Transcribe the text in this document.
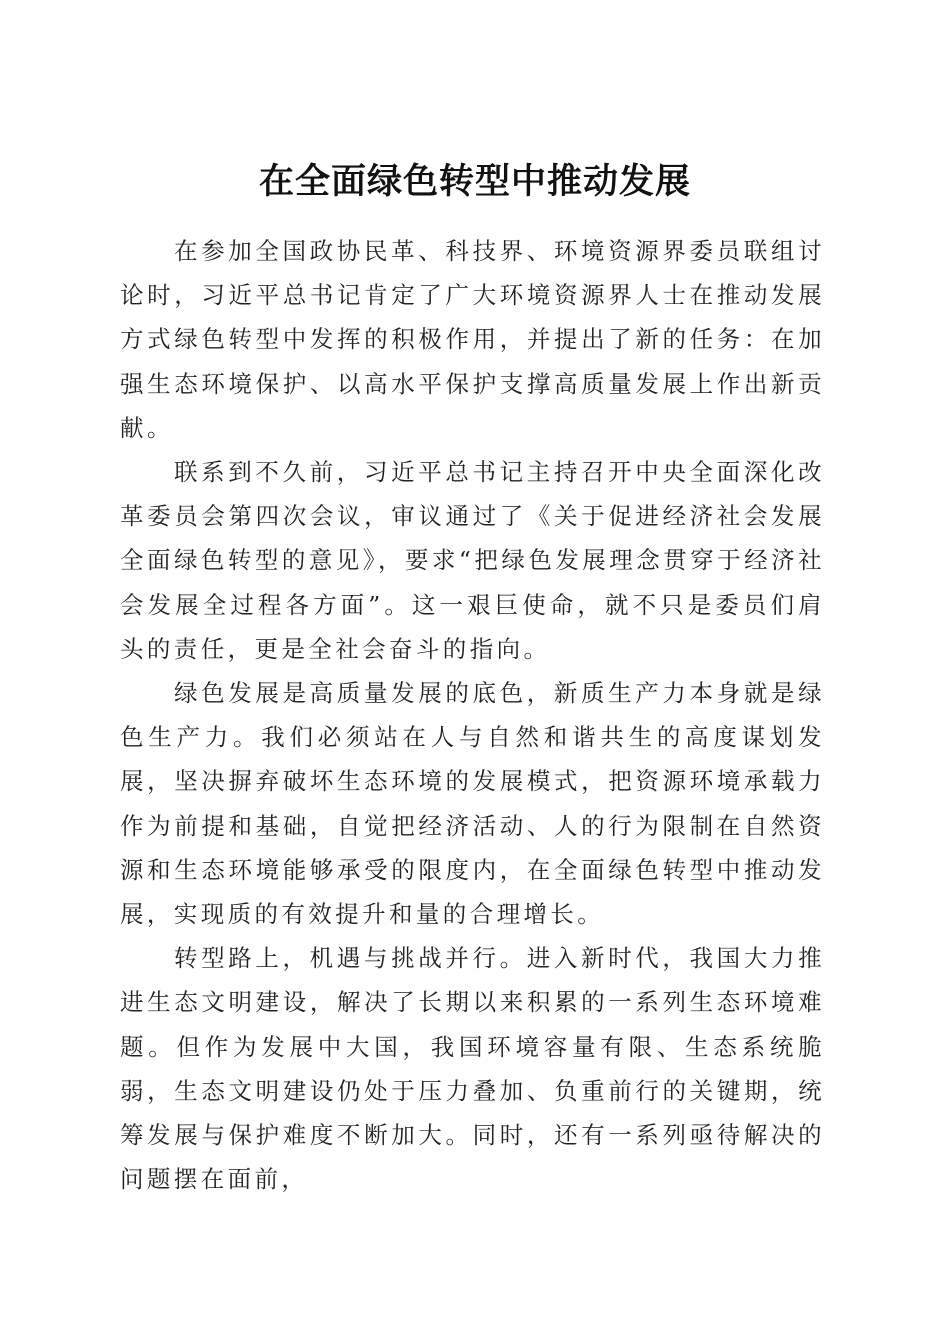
在全面绿色转型中推动发展

在参加全国政协民革、科技界、环境资源界委员联组讨论时，习近平总书记肯定了广大环境资源界人士在推动发展方式绿色转型中发挥的积极作用，并提出了新的任务：在加强生态环境保护、以高水平保护支撑高质量发展上作出新贡献。

联系到不久前，习近平总书记主持召开中央全面深化改革委员会第四次会议，审议通过了《关于促进经济社会发展全面绿色转型的意见》，要求“把绿色发展理念贯穿于经济社会发展全过程各方面”。这一艰巨使命，就不只是委员们肩头的责任，更是全社会奋斗的指向。

绿色发展是高质量发展的底色，新质生产力本身就是绿色生产力。我们必须站在人与自然和谐共生的高度谋划发展，坚决摒弃破坏生态环境的发展模式，把资源环境承载力作为前提和基础，自觉把经济活动、人的行为限制在自然资源和生态环境能够承受的限度内，在全面绿色转型中推动发展，实现质的有效提升和量的合理增长。

转型路上，机遇与挑战并行。进入新时代，我国大力推进生态文明建设，解决了长期以来积累的一系列生态环境难题。但作为发展中大国，我国环境容量有限、生态系统脆弱，生态文明建设仍处于压力叠加、负重前行的关键期，统筹发展与保护难度不断加大。同时，还有一系列亟待解决的问题摆在面前，
